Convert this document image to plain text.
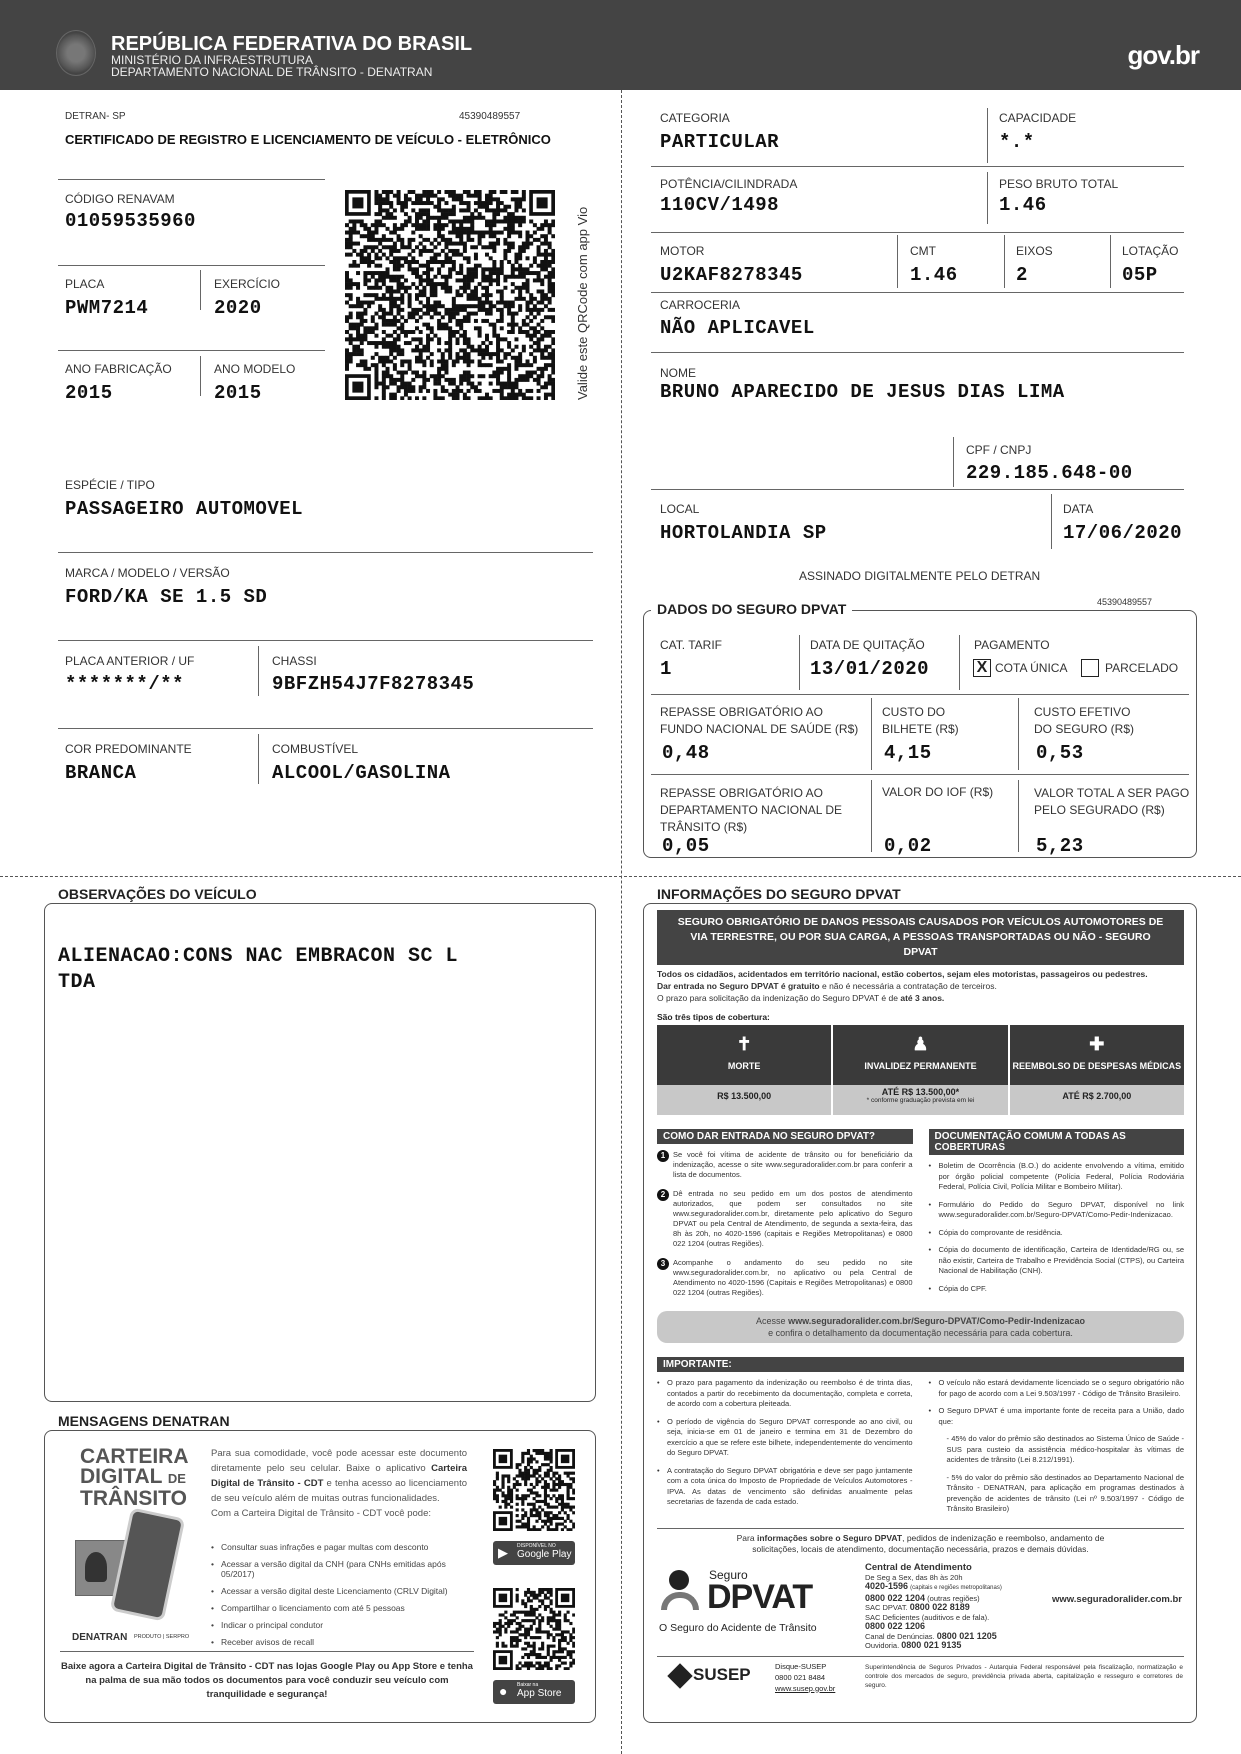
REPÚBLICA FEDERATIVA DO BRASIL
MINISTÉRIO DA INFRAESTRUTURA
DEPARTAMENTO NACIONAL DE TRÂNSITO - DENATRAN
gov.br
DETRAN- SP	45390489557
CERTIFICADO DE REGISTRO E LICENCIAMENTO DE VEÍCULO - ELETRÔNICO
CÓDIGO RENAVAM
01059535960
PLACA
PWM7214
EXERCÍCIO
2020
ANO FABRICAÇÃO
2015
ANO MODELO
2015	Valide este QRCode com app Vio
ESPÉCIE / TIPO
PASSAGEIRO AUTOMOVEL
MARCA / MODELO / VERSÃO
FORD/KA SE 1.5 SD
PLACA ANTERIOR / UF
*******/**
CHASSI
9BFZH54J7F8278345
COR PREDOMINANTE
BRANCA
COMBUSTÍVEL
ALCOOL/GASOLINA
CATEGORIA
PARTICULAR
CAPACIDADE
*.*
POTÊNCIA/CILINDRADA
110CV/1498
PESO BRUTO TOTAL
1.46
MOTOR
U2KAF8278345
CMT
1.46
EIXOS
2
LOTAÇÃO
05P
CARROCERIA
NÃO APLICAVEL
NOME
BRUNO APARECIDO DE JESUS DIAS LIMA
CPF / CNPJ
229.185.648-00
LOCAL
HORTOLANDIA SP
DATA
17/06/2020
ASSINADO DIGITALMENTE PELO DETRAN
DADOS DO SEGURO DPVAT	45390489557
CAT. TARIF
1
DATA DE QUITAÇÃO
13/01/2020
PAGAMENTO
X COTA ÚNICA	PARCELADO
REPASSE OBRIGATÓRIO AO
FUNDO NACIONAL DE SAÚDE (R$)
0,48
CUSTO DO
BILHETE (R$)
4,15
CUSTO EFETIVO
DO SEGURO (R$)
0,53
REPASSE OBRIGATÓRIO AO
DEPARTAMENTO NACIONAL DE
TRÂNSITO (R$)
0,05
VALOR DO IOF (R$)
0,02
VALOR TOTAL A SER PAGO
PELO SEGURADO (R$)
5,23
OBSERVAÇÕES DO VEÍCULO
ALIENACAO:CONS NAC EMBRACON SC L
TDA
MENSAGENS DENATRAN
CARTEIRA
DIGITAL DE
TRÂNSITO
DENATRAN PRODUTO | SERPRO
Para sua comodidade, você pode acessar este documento diretamente pelo seu celular. Baixe o aplicativo Carteira Digital de Trânsito - CDT e tenha acesso ao licenciamento de seu veículo além de muitas outras funcionalidades.
Com a Carteira Digital de Trânsito - CDT você pode:
• Consultar suas infrações e pagar multas com desconto
• Acessar a versão digital da CNH (para CNHs emitidas após 05/2017)
• Acessar a versão digital deste Licenciamento (CRLV Digital)
• Compartilhar o licenciamento com até 5 pessoas
• Indicar o principal condutor
• Receber avisos de recall
Baixe agora a Carteira Digital de Trânsito - CDT nas lojas Google Play ou App Store e tenha na palma de sua mão todos os documentos para você conduzir seu veículo com tranquilidade e segurança!
▶ DISPONÍVEL NO
Google Play
● Baixar na
App Store
INFORMAÇÕES DO SEGURO DPVAT
SEGURO OBRIGATÓRIO DE DANOS PESSOAIS CAUSADOS POR VEÍCULOS AUTOMOTORES DE VIA TERRESTRE, OU POR SUA CARGA, A PESSOAS TRANSPORTADAS OU NÃO - SEGURO DPVAT
Todos os cidadãos, acidentados em território nacional, estão cobertos, sejam eles motoristas, passageiros ou pedestres.
Dar entrada no Seguro DPVAT é gratuito e não é necessária a contratação de terceiros.
O prazo para solicitação da indenização do Seguro DPVAT é de até 3 anos.
São três tipos de cobertura:
✝
MORTE
R$ 13.500,00
♟
INVALIDEZ PERMANENTE
ATÉ R$ 13.500,00*
* conforme graduação prevista em lei
✚
REEMBOLSO DE DESPESAS MÉDICAS
ATÉ R$ 2.700,00
COMO DAR ENTRADA NO SEGURO DPVAT?
1	Se você foi vítima de acidente de trânsito ou for beneficiário da indenização, acesse o site www.seguradoralider.com.br para conferir a lista de documentos.
2	Dê entrada no seu pedido em um dos postos de atendimento autorizados, que podem ser consultados no site www.seguradoralider.com.br, diretamente pelo aplicativo do Seguro DPVAT ou pela Central de Atendimento, de segunda a sexta-feira, das 8h às 20h, no 4020-1596 (capitais e Regiões Metropolitanas) e 0800 022 1204 (outras Regiões).
3	Acompanhe o andamento do seu pedido no site www.seguradoralider.com.br, no aplicativo ou pela Central de Atendimento no 4020-1596 (Capitais e Regiões Metropolitanas) e 0800 022 1204 (outras Regiões).
DOCUMENTAÇÃO COMUM A TODAS AS COBERTURAS
• Boletim de Ocorrência (B.O.) do acidente envolvendo a vítima, emitido por órgão policial competente (Polícia Federal, Polícia Rodoviária Federal, Polícia Civil, Polícia Militar e Bombeiro Militar).
• Formulário do Pedido do Seguro DPVAT, disponível no link www.seguradoralider.com.br/Seguro-DPVAT/Como-Pedir-Indenizacao.
• Cópia do comprovante de residência.
• Cópia do documento de identificação, Carteira de Identidade/RG ou, se não existir, Carteira de Trabalho e Previdência Social (CTPS), ou Carteira Nacional de Habilitação (CNH).
• Cópia do CPF.
Acesse www.seguradoralider.com.br/Seguro-DPVAT/Como-Pedir-Indenizacao
e confira o detalhamento da documentação necessária para cada cobertura.
IMPORTANTE:
• O prazo para pagamento da indenização ou reembolso é de trinta dias, contados a partir do recebimento da documentação, completa e correta, de acordo com a cobertura pleiteada.
• O período de vigência do Seguro DPVAT corresponde ao ano civil, ou seja, inicia-se em 01 de janeiro e termina em 31 de Dezembro do exercício a que se refere este bilhete, independentemente do vencimento do Seguro DPVAT.
• A contratação do Seguro DPVAT obrigatória e deve ser pago juntamente com a cota única do Imposto de Propriedade de Veículos Automotores - IPVA. As datas de vencimento são definidas anualmente pelas secretarias de fazenda de cada estado.
• O veículo não estará devidamente licenciado se o seguro obrigatório não for pago de acordo com a Lei 9.503/1997 - Código de Trânsito Brasileiro.
• O Seguro DPVAT é uma importante fonte de receita para a União, dado que:
- 45% do valor do prêmio são destinados ao Sistema Único de Saúde - SUS para custeio da assistência médico-hospitalar às vítimas de acidentes de trânsito (Lei 8.212/1991).
- 5% do valor do prêmio são destinados ao Departamento Nacional de Trânsito - DENATRAN, para aplicação em programas destinados à prevenção de acidentes de trânsito (Lei nº 9.503/1997 - Código de Trânsito Brasileiro)
Para informações sobre o Seguro DPVAT, pedidos de indenização e reembolso, andamento de solicitações, locais de atendimento, documentação necessária, prazos e demais dúvidas.
Seguro
DPVAT
O Seguro do Acidente de Trânsito
Central de Atendimento
De Seg a Sex, das 8h às 20h
4020-1596 (capitais e regiões metropolitanas)
0800 022 1204 (outras regiões)
SAC DPVAT. 0800 022 8189
SAC Deficientes (auditivos e de fala).
0800 022 1206
Canal de Denúncias. 0800 021 1205
Ouvidoria. 0800 021 9135
www.seguradoralider.com.br
SUSEP	Disque-SUSEP
0800 021 8484
www.susep.gov.br
Superintendência de Seguros Privados - Autarquia Federal responsável pela fiscalização, normatização e controle dos mercados de seguro, previdência privada aberta, capitalização e resseguro e corretores de seguro.
